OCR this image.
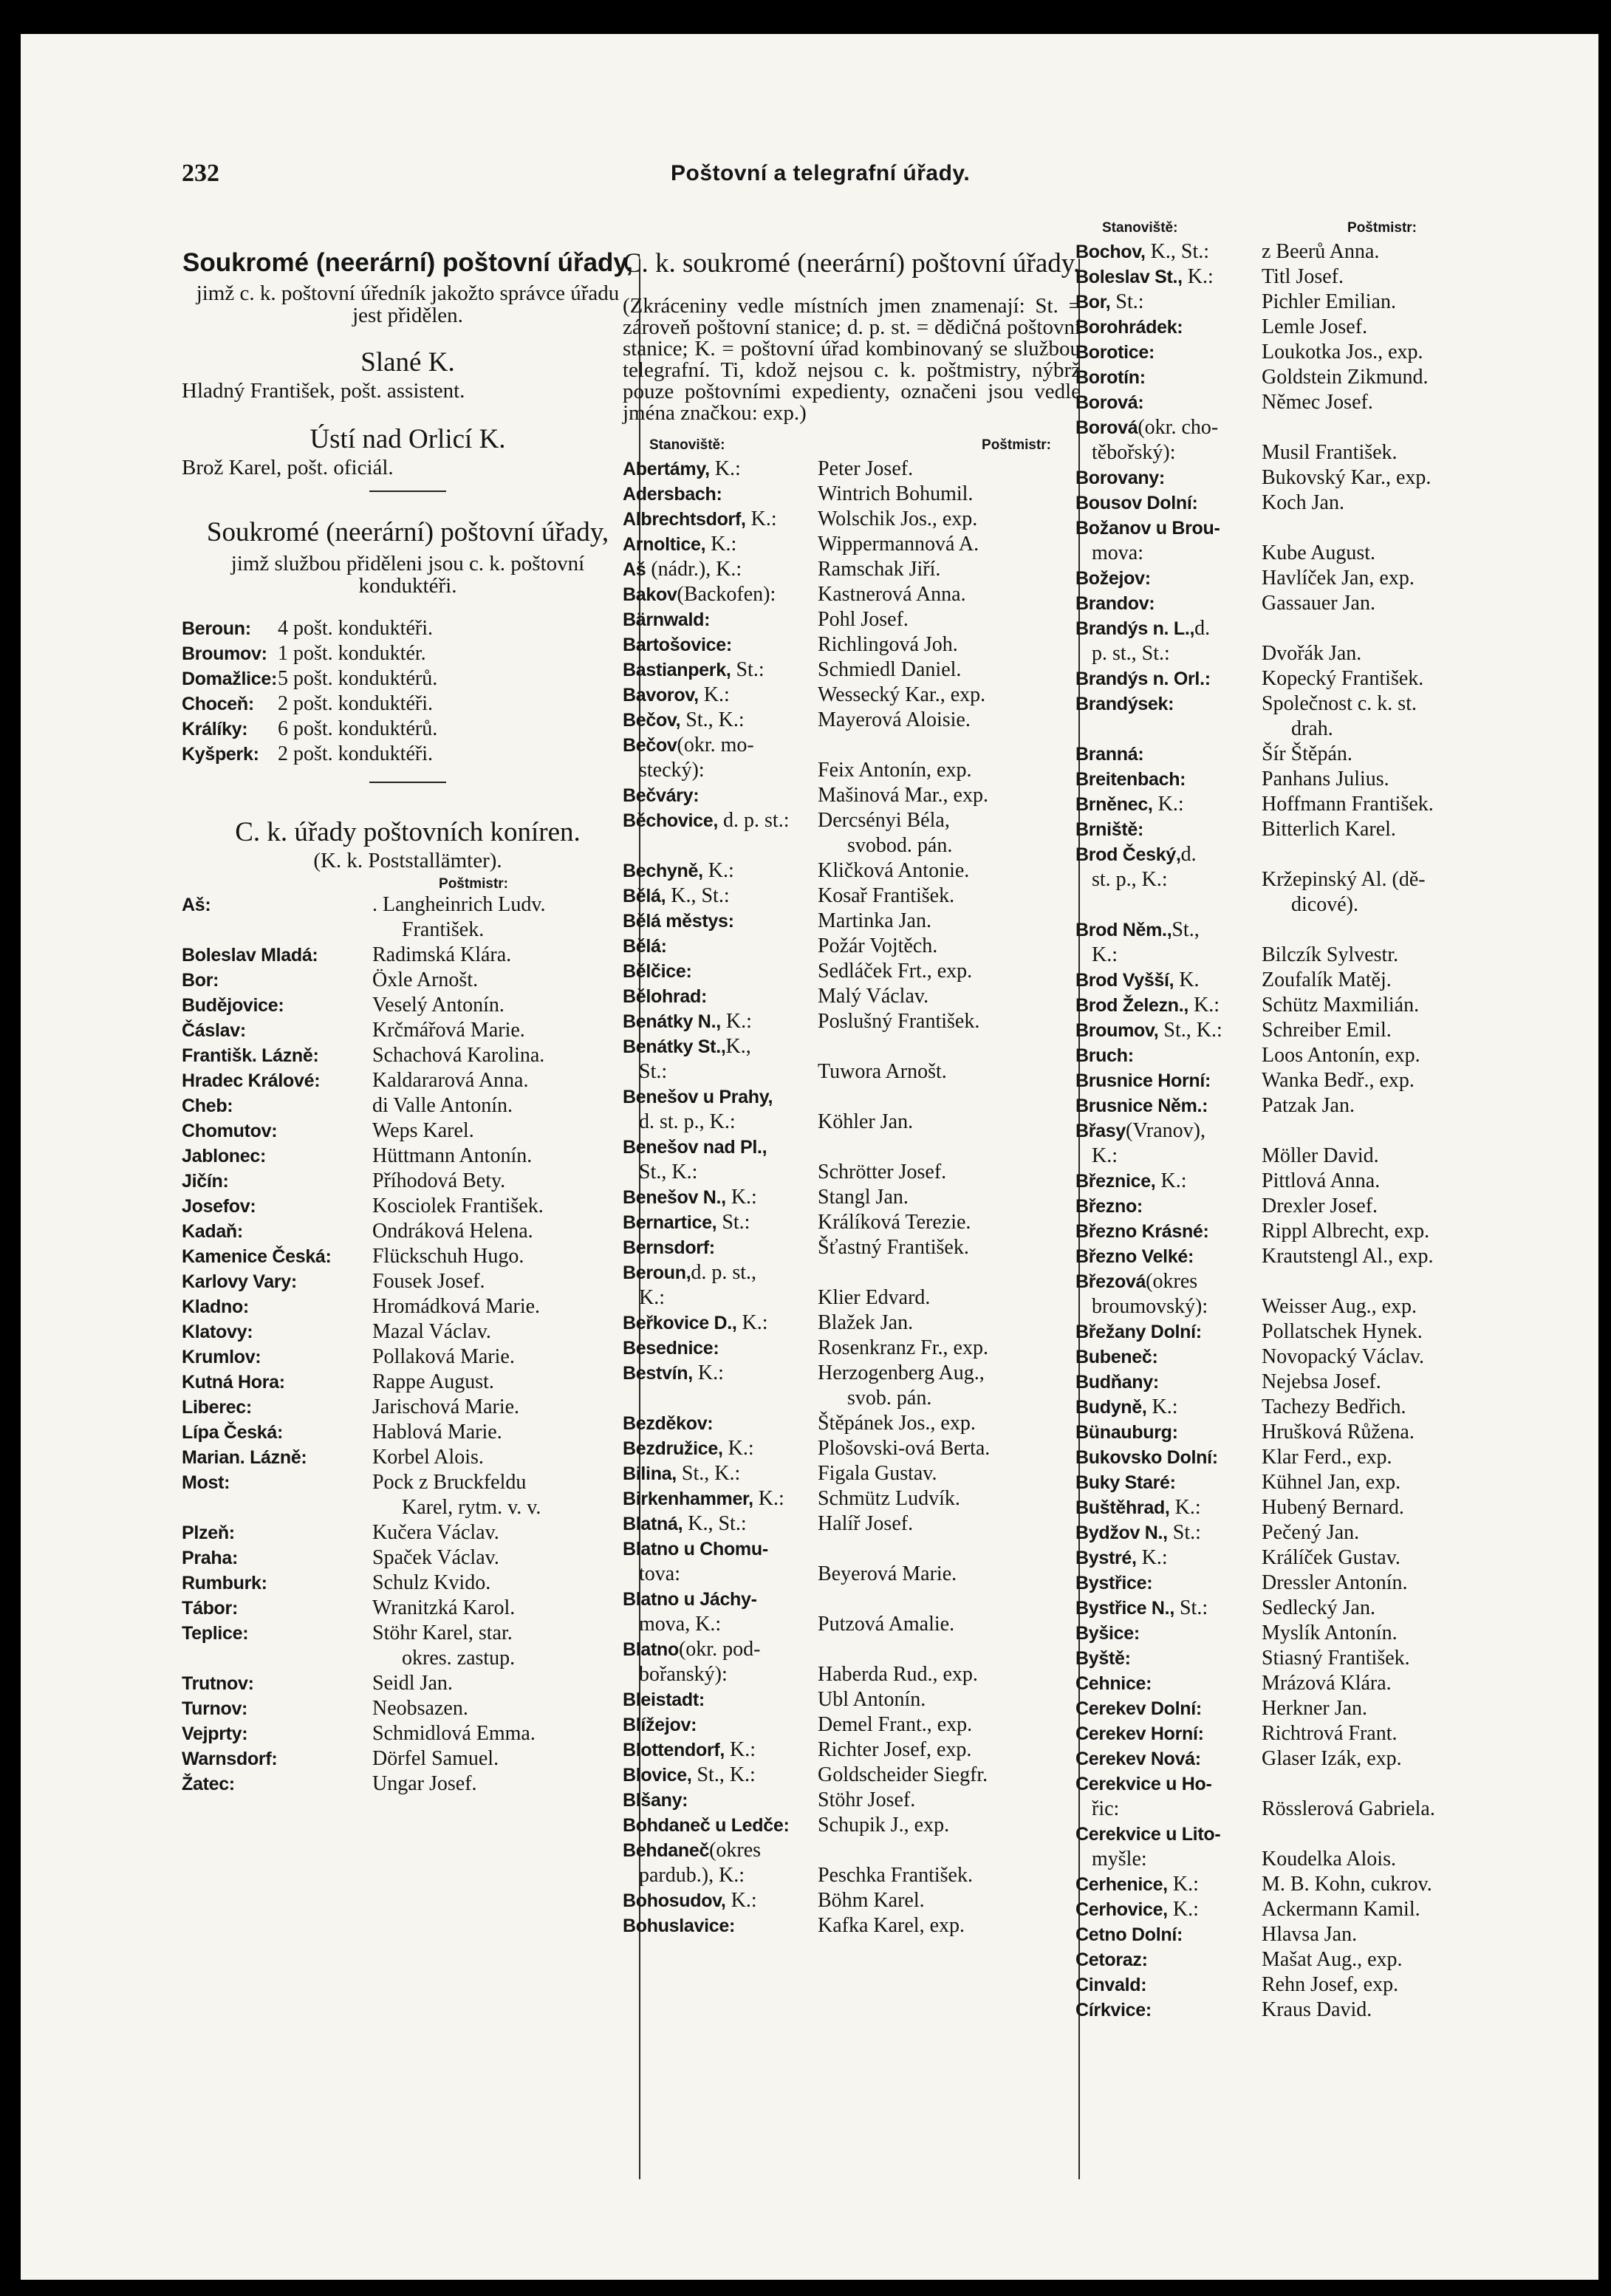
232	Poštovní a telegrafní úřady.
Soukromé (neerární) poštovní úřady,
jimž c. k. poštovní úředník jakožto správce úřadu jest přidělen.
Slané K.
Hladný František, pošt. assistent.
Ústí nad Orlicí K.
Brož Karel, pošt. oficiál.
Soukromé (neerární) poštovní úřady,
jimž službou přiděleni jsou c. k. poštovní konduktéři.
Beroun:	4 pošt. konduktéři.
Broumov: 1 pošt. konduktér.
Domažlice: 5 pošt. konduktérů.
Choceň:	2 pošt. konduktéři.
Králíky:	6 pošt. konduktérů.
Kyšperk: 2 pošt. konduktéři.
C. k. úřady poštovních koníren.
(K. k. Poststallämter).
Poštmistr:
Aš:	. Langheinrich Ludv.
František.
Boleslav Mladá:	Radimská Klára.
Bor:	Öxle Arnošt.
Budějovice:	Veselý Antonín.
Čáslav:	Krčmářová Marie.
Františk. Lázně:	Schachová Karolina.
Hradec Králové:	Kaldararová Anna.
Cheb:	di Valle Antonín.
Chomutov:	Weps Karel.
Jablonec:	Hüttmann Antonín.
Jičín:	Příhodová Bety.
Josefov:	Kosciolek František.
Kadaň:	Ondráková Helena.
Kamenice Česká:	Flückschuh Hugo.
Karlovy Vary:	Fousek Josef.
Kladno:	Hromádková Marie.
Klatovy:	Mazal Václav.
Krumlov:	Pollaková Marie.
Kutná Hora:	Rappe August.
Liberec:	Jarischová Marie.
Lípa Česká:	Hablová Marie.
Marian. Lázně:	Korbel Alois.
Most:	Pock z Bruckfeldu
Karel, rytm. v. v.
Plzeň:	Kučera Václav.
Praha:	Spaček Václav.
Rumburk:	Schulz Kvido.
Tábor:	Wranitzká Karol.
Teplice:	Stöhr Karel, star.
okres. zastup.
Trutnov:	Seidl Jan.
Turnov:	Neobsazen.
Vejprty:	Schmidlová Emma.
Warnsdorf:	Dörfel Samuel.
Žatec:	Ungar Josef.
C. k. soukromé (neerární) poštovní úřady.
(Zkráceniny vedle místních jmen znamenají: St. = zároveň poštovní stanice; d. p. st. = dědičná poštovní stanice; K. = poštovní úřad kombinovaný se službou telegrafní. Ti, kdož nejsou c. k. poštmistry, nýbrž pouze poštovními expedienty, označeni jsou vedle jména značkou: exp.)
Stanoviště:	Poštmistr:
Abertámy, K.:	Peter Josef.
Adersbach:	Wintrich Bohumil.
Albrechtsdorf, K.:	Wolschik Jos., exp.
Arnoltice, K.:	Wippermannová A.
Aš (nádr.), K.:	Ramschak Jiří.
Bakov(Backofen):	Kastnerová Anna.
Bärnwald:	Pohl Josef.
Bartošovice:	Richlingová Joh.
Bastianperk, St.:	Schmiedl Daniel.
Bavorov, K.:	Wessecký Kar., exp.
Bečov, St., K.:	Mayerová Aloisie.
Bečov (okr. mo-
stecký):	Feix Antonín, exp.
Bečváry:	Mašinová Mar., exp.
Běchovice, d. p. st.:	Dercsényi Béla,
svobod. pán.
Bechyně, K.:	Kličková Antonie.
Bělá, K., St.:	Kosař František.
Bělá městys:	Martinka Jan.
Bělá:	Požár Vojtěch.
Bělčice:	Sedláček Frt., exp.
Bělohrad:	Malý Václav.
Benátky N., K.:	Poslušný František.
Benátky St., K.,
St.:	Tuwora Arnošt.
Benešov u Prahy,
d. st. p., K.:	Köhler Jan.
Benešov nad Pl.,
St., K.:	Schrötter Josef.
Benešov N., K.:	Stangl Jan.
Bernartice, St.:	Králíková Terezie.
Bernsdorf:	Šťastný František.
Beroun, d. p. st.,
K.:	Klier Edvard.
Beřkovice D., K.:	Blažek Jan.
Besednice:	Rosenkranz Fr., exp.
Bestvín, K.:	Herzogenberg Aug.,
svob. pán.
Bezděkov:	Štěpánek Jos., exp.
Bezdružice, K.:	Plošovski-ová Berta.
Bilina, St., K.:	Figala Gustav.
Birkenhammer, K.:	Schmütz Ludvík.
Blatná, K., St.:	Halíř Josef.
Blatno u Chomu-
tova:	Beyerová Marie.
Blatno u Jáchy-
mova, K.:	Putzová Amalie.
Blatno (okr. pod-
bořanský):	Haberda Rud., exp.
Bleistadt:	Ubl Antonín.
Blížejov:	Demel Frant., exp.
Blottendorf, K.:	Richter Josef, exp.
Blovice, St., K.:	Goldscheider Siegfr.
Blšany:	Stöhr Josef.
Bohdaneč u Ledče:	Schupik J., exp.
Behdaneč (okres
pardub.), K.:	Peschka František.
Bohosudov, K.:	Böhm Karel.
Bohuslavice:	Kafka Karel, exp.
Stanoviště:	Poštmistr:
Bochov, K., St.:	z Beerů Anna.
Boleslav St., K.:	Titl Josef.
Bor, St.:	Pichler Emilian.
Borohrádek:	Lemle Josef.
Borotice:	Loukotka Jos., exp.
Borotín:	Goldstein Zikmund.
Borová:	Němec Josef.
Borová (okr. cho-
těbořský):	Musil František.
Borovany:	Bukovský Kar., exp.
Bousov Dolní:	Koch Jan.
Božanov u Brou-
mova:	Kube August.
Božejov:	Havlíček Jan, exp.
Brandov:	Gassauer Jan.
Brandýs n. L., d.
p. st., St.:	Dvořák Jan.
Brandýs n. Orl.:	Kopecký František.
Brandýsek:	Společnost c. k. st.
drah.
Branná:	Šír Štěpán.
Breitenbach:	Panhans Julius.
Brněnec, K.:	Hoffmann František.
Brniště:	Bitterlich Karel.
Brod Český, d.
st. p., K.:	Kržepinský Al. (dě-
dicové).
Brod Něm., St.,
K.:	Bilczík Sylvestr.
Brod Vyšší, K.	Zoufalík Matěj.
Brod Železn., K.:	Schütz Maxmilián.
Broumov, St., K.:	Schreiber Emil.
Bruch:	Loos Antonín, exp.
Brusnice Horní:	Wanka Bedř., exp.
Brusnice Něm.:	Patzak Jan.
Břasy (Vranov),
K.:	Möller David.
Březnice, K.:	Pittlová Anna.
Březno:	Drexler Josef.
Březno Krásné:	Rippl Albrecht, exp.
Březno Velké:	Krautstengl Al., exp.
Březová (okres
broumovský):	Weisser Aug., exp.
Břežany Dolní:	Pollatschek Hynek.
Bubeneč:	Novopacký Václav.
Budňany:	Nejebsa Josef.
Budyně, K.:	Tachezy Bedřich.
Bünauburg:	Hrušková Růžena.
Bukovsko Dolní:	Klar Ferd., exp.
Buky Staré:	Kühnel Jan, exp.
Buštěhrad, K.:	Hubený Bernard.
Bydžov N., St.:	Pečený Jan.
Bystré, K.:	Králíček Gustav.
Bystřice:	Dressler Antonín.
Bystřice N., St.:	Sedlecký Jan.
Byšice:	Myslík Antonín.
Byště:	Stiasný František.
Cehnice:	Mrázová Klára.
Cerekev Dolní:	Herkner Jan.
Cerekev Horní:	Richtrová Frant.
Cerekev Nová:	Glaser Izák, exp.
Cerekvice u Ho-
řic:	Rösslerová Gabriela.
Cerekvice u Lito-
myšle:	Koudelka Alois.
Cerhenice, K.:	M. B. Kohn, cukrov.
Cerhovice, K.:	Ackermann Kamil.
Cetno Dolní:	Hlavsa Jan.
Cetoraz:	Mašat Aug., exp.
Cinvald:	Rehn Josef, exp.
Církvice:	Kraus David.
